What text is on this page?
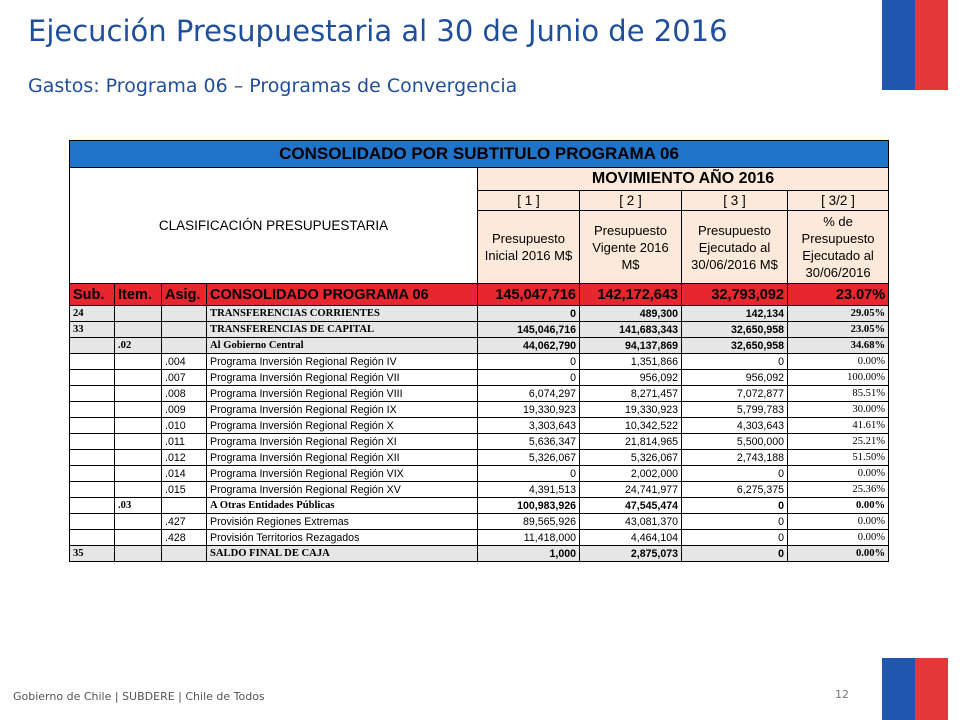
Ejecución Presupuestaria al 30 de Junio de 2016
Gastos: Programa 06 – Programas de Convergencia
CONSOLIDADO POR SUBTITULO PROGRAMA 06							
CLASIFICACIÓN PRESUPUESTARIA				MOVIMIENTO AÑO 2016			
				[ 1 ]	[ 2 ]	[ 3 ]	[ 3/2 ]
				Presupuesto Inicial 2016 M$	Presupuesto Vigente 2016 M$	Presupuesto Ejecutado al 30/06/2016 M$	% de Presupuesto Ejecutado al 30/06/2016
Sub.	Item.	Asig.	CONSOLIDADO PROGRAMA 06	145,047,716	142,172,643	32,793,092	23.07%
24			TRANSFERENCIAS CORRIENTES	0	489,300	142,134	29.05%
33			TRANSFERENCIAS DE CAPITAL	145,046,716	141,683,343	32,650,958	23.05%
	.02		Al Gobierno Central	44,062,790	94,137,869	32,650,958	34.68%
		.004	Programa Inversión Regional Región IV	0	1,351,866	0	0.00%
		.007	Programa Inversión Regional Región VII	0	956,092	956,092	100.00%
		.008	Programa Inversión Regional Región VIII	6,074,297	8,271,457	7,072,877	85.51%
		.009	Programa Inversión Regional Región IX	19,330,923	19,330,923	5,799,783	30.00%
		.010	Programa Inversión Regional Región X	3,303,643	10,342,522	4,303,643	41.61%
		.011	Programa Inversión Regional Región XI	5,636,347	21,814,965	5,500,000	25.21%
		.012	Programa Inversión Regional Región XII	5,326,067	5,326,067	2,743,188	51.50%
		.014	Programa Inversión Regional Región VIX	0	2,002,000	0	0.00%
		.015	Programa Inversión Regional Región XV	4,391,513	24,741,977	6,275,375	25.36%
	.03		A Otras Entidades Públicas	100,983,926	47,545,474	0	0.00%
		.427	Provisión Regiones Extremas	89,565,926	43,081,370	0	0.00%
		.428	Provisión Territorios Rezagados	11,418,000	4,464,104	0	0.00%
35			SALDO FINAL DE CAJA	1,000	2,875,073	0	0.00%
Gobierno de Chile | SUBDERE | Chile de Todos	12
